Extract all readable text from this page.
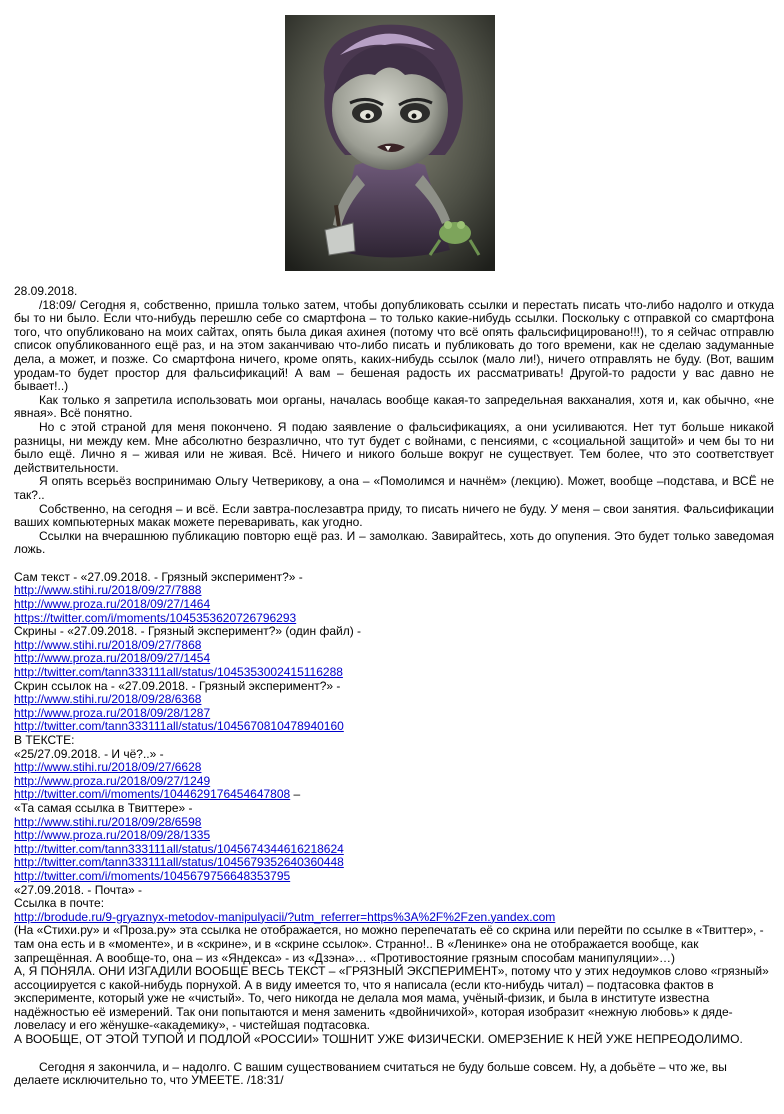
28.09.2018.

/18:09/ Сегодня я, собственно, пришла только затем, чтобы допубликовать ссылки и перестать писать что-либо надолго и откуда бы то ни было. Если что-нибудь перешлю себе со смартфона – то только какие-нибудь ссылки. Поскольку с отправкой со смартфона того, что опубликовано на моих сайтах, опять была дикая ахинея (потому что всё опять фальсифицировано!!!), то я сейчас отправлю список опубликованного ещё раз, и на этом заканчиваю что-либо писать и публиковать до того времени, как не сделаю задуманные дела, а может, и позже. Со смартфона ничего, кроме опять, каких-нибудь ссылок (мало ли!), ничего отправлять не буду. (Вот, вашим уродам-то будет простор для фальсификаций! А вам – бешеная радость их рассматривать! Другой-то радости у вас давно не бывает!..)

Как только я запретила использовать мои органы, началась вообще какая-то запредельная вакханалия, хотя и, как обычно, «не явная». Всё понятно.

Но с этой страной для меня покончено. Я подаю заявление о фальсификациях, а они усиливаются. Нет тут больше никакой разницы, ни между кем. Мне абсолютно безразлично, что тут будет с войнами, с пенсиями, с «социальной защитой» и чем бы то ни было ещё. Лично я – живая или не живая. Всё. Ничего и никого больше вокруг не существует. Тем более, что это соответствует действительности.

Я опять всерьёз воспринимаю Ольгу Четверикову, а она – «Помолимся и начнём» (лекцию). Может, вообще –подстава, и ВСЁ не так?..

Собственно, на сегодня – и всё. Если завтра-послезавтра приду, то писать ничего не буду. У меня – свои занятия. Фальсификации ваших компьютерных макак можете переваривать, как угодно.

Ссылки на вчерашнюю публикацию повторю ещё раз. И – замолкаю. Завирайтесь, хоть до опупения. Это будет только заведомая ложь.

Сам текст - «27.09.2018. - Грязный эксперимент?» -

http://www.stihi.ru/2018/09/27/7888

http://www.proza.ru/2018/09/27/1464

https://twitter.com/i/moments/1045353620726796293

Скрины - «27.09.2018. - Грязный эксперимент?» (один файл) -

http://www.stihi.ru/2018/09/27/7868

http://www.proza.ru/2018/09/27/1454

http://twitter.com/tann333111all/status/1045353002415116288

Скрин ссылок на - «27.09.2018. - Грязный эксперимент?» -

http://www.stihi.ru/2018/09/28/6368

http://www.proza.ru/2018/09/28/1287

http://twitter.com/tann333111all/status/1045670810478940160

В ТЕКСТЕ:

«25/27.09.2018. - И чё?..» -

http://www.stihi.ru/2018/09/27/6628

http://www.proza.ru/2018/09/27/1249

http://twitter.com/i/moments/1044629176454647808 –

«Та самая ссылка в Твиттере» -

http://www.stihi.ru/2018/09/28/6598

http://www.proza.ru/2018/09/28/1335

http://twitter.com/tann333111all/status/1045674344616218624

http://twitter.com/tann333111all/status/1045679352640360448

http://twitter.com/i/moments/1045679756648353795

«27.09.2018. - Почта» -

Ссылка в почте:

http://brodude.ru/9-gryaznyx-metodov-manipulyacii/?utm_referrer=https%3A%2F%2Fzen.yandex.com

(На «Стихи.ру» и «Проза.ру» эта ссылка не отображается, но можно перепечатать её со скрина или перейти по ссылке в «Твиттер», - там она есть и в «моменте», и в «скрине», и в «скрине ссылок». Странно!.. В «Ленинке» она не отображается вообще, как запрещённая. А вообще-то, она – из «Яндекса» - из «Дзэна»… «Противостояние грязным способам манипуляции»…)

А, Я ПОНЯЛА. ОНИ ИЗГАДИЛИ ВООБЩЕ ВЕСЬ ТЕКСТ – «ГРЯЗНЫЙ ЭКСПЕРИМЕНТ», потому что у этих недоумков слово «грязный» ассоциируется с какой-нибудь порнухой. А в виду имеется то, что я написала (если кто-нибудь читал) – подтасовка фактов в эксперименте, который уже не «чистый». То, чего никогда не делала моя мама, учёный-физик, и была в институте известна надёжностью её измерений. Так они попытаются и меня заменить «двойничихой», которая изобразит «нежную любовь» к дяде-ловеласу и его жёнушке-«академику», - чистейшая подтасовка.

А ВООБЩЕ, ОТ ЭТОЙ ТУПОЙ И ПОДЛОЙ «РОССИИ» ТОШНИТ УЖЕ ФИЗИЧЕСКИ. ОМЕРЗЕНИЕ К НЕЙ УЖЕ НЕПРЕОДОЛИМО.

Сегодня я закончила, и – надолго. С вашим существованием считаться не буду больше совсем. Ну, а добьёте – что же, вы делаете исключительно то, что УМЕЕТЕ. /18:31/
